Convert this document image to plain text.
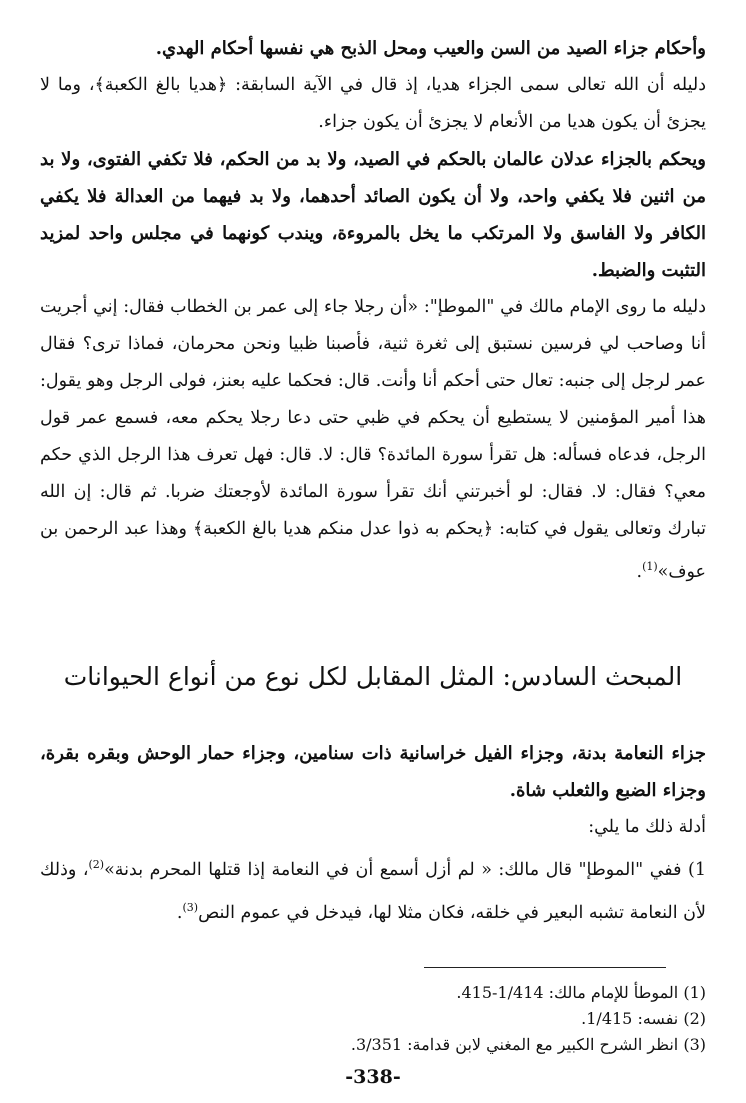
وأحكام جزاء الصيد من السن والعيب ومحل الذبح هي نفسها أحكام الهدي.

دليله أن الله تعالى سمى الجزاء هديا، إذ قال في الآية السابقة: ﴿هديا بالغ الكعبة﴾، وما لا يجزئ أن يكون هديا من الأنعام لا يجزئ أن يكون جزاء.

ويحكم بالجزاء عدلان عالمان بالحكم في الصيد، ولا بد من الحكم، فلا تكفي الفتوى، ولا بد من اثنين فلا يكفي واحد، ولا أن يكون الصائد أحدهما، ولا بد فيهما من العدالة فلا يكفي الكافر ولا الفاسق ولا المرتكب ما يخل بالمروءة، ويندب كونهما في مجلس واحد لمزيد التثبت والضبط.

دليله ما روى الإمام مالك في "الموطإ": «أن رجلا جاء إلى عمر بن الخطاب فقال: إني أجريت أنا وصاحب لي فرسين نستبق إلى ثغرة ثنية، فأصبنا ظبيا ونحن محرمان، فماذا ترى؟ فقال عمر لرجل إلى جنبه: تعال حتى أحكم أنا وأنت. قال: فحكما عليه بعنز، فولى الرجل وهو يقول: هذا أمير المؤمنين لا يستطيع أن يحكم في ظبي حتى دعا رجلا يحكم معه، فسمع عمر قول الرجل، فدعاه فسأله: هل تقرأ سورة المائدة؟ قال: لا. قال: فهل تعرف هذا الرجل الذي حكم معي؟ فقال: لا. فقال: لو أخبرتني أنك تقرأ سورة المائدة لأوجعتك ضربا. ثم قال: إن الله تبارك وتعالى يقول في كتابه: ﴿يحكم به ذوا عدل منكم هديا بالغ الكعبة﴾ وهذا عبد الرحمن بن عوف»$^{(1)}$.

المبحث السادس: المثل المقابل لكل نوع من أنواع الحيوانات

جزاء النعامة بدنة، وجزاء الفيل خراسانية ذات سنامين، وجزاء حمار الوحش وبقره بقرة، وجزاء الضبع والثعلب شاة.

أدلة ذلك ما يلي:

1) ففي "الموطإ" قال مالك: « لم أزل أسمع أن في النعامة إذا قتلها المحرم بدنة»$^{(2)}$، وذلك لأن النعامة تشبه البعير في خلقه، فكان مثلا لها، فيدخل في عموم النص$^{(3)}$.

(1) الموطأ للإمام مالك: 1/414-415.

(2) نفسه: 1/415.

(3) انظر الشرح الكبير مع المغني لابن قدامة: 3/351.

-338-
